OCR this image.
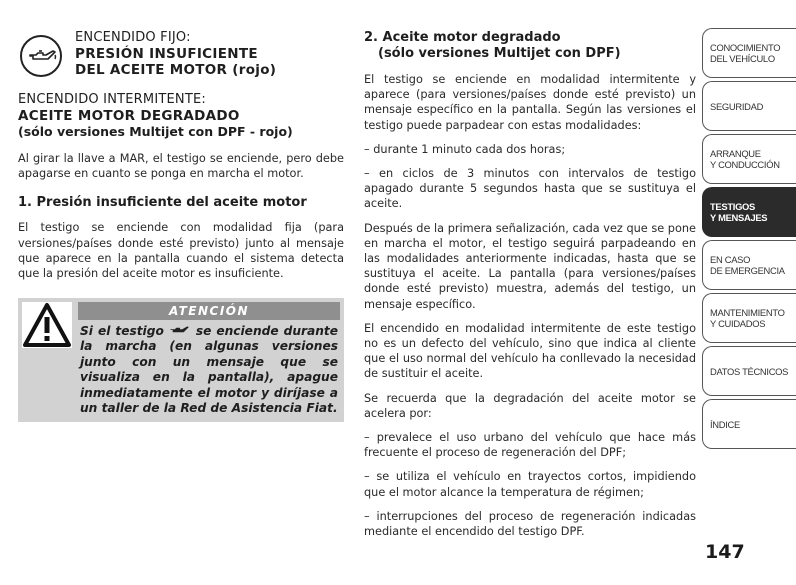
ENCENDIDO FIJO:
PRESIÓN INSUFICIENTE
DEL ACEITE MOTOR (rojo)
ENCENDIDO INTERMITENTE:
ACEITE MOTOR DEGRADADO
(sólo versiones Multijet con DPF - rojo)

Al girar la llave a MAR, el testigo se enciende, pero debe apagarse en cuanto se ponga en marcha el motor.

1. Presión insuficiente del aceite motor

El testigo se enciende con modalidad fija (para versiones/países donde esté previsto) junto al mensaje que aparece en la pantalla cuando el sistema detecta que la presión del aceite motor es insuficiente.

ATENCIÓN
Si el testigo	se enciende durante la marcha (en algunas versiones junto con un mensaje que se visualiza en la pantalla), apague inmediatamente el motor y diríjase a un taller de la Red de Asistencia Fiat.
2. Aceite motor degradado
(sólo versiones Multijet con DPF)

El testigo se enciende en modalidad intermitente y aparece (para versiones/países donde esté previsto) un mensaje específico en la pantalla. Según las versiones el testigo puede parpadear con estas modalidades:

– durante 1 minuto cada dos horas;

– en ciclos de 3 minutos con intervalos de testigo apagado durante 5 segundos hasta que se sustituya el aceite.

Después de la primera señalización, cada vez que se pone en marcha el motor, el testigo seguirá parpadeando en las modalidades anteriormente indicadas, hasta que se sustituya el aceite. La pantalla (para versiones/países donde esté previsto) muestra, además del testigo, un mensaje específico.

El encendido en modalidad intermitente de este testigo no es un defecto del vehículo, sino que indica al cliente que el uso normal del vehículo ha conllevado la necesidad de sustituir el aceite.

Se recuerda que la degradación del aceite motor se acelera por:

– prevalece el uso urbano del vehículo que hace más frecuente el proceso de regeneración del DPF;

– se utiliza el vehículo en trayectos cortos, impidiendo que el motor alcance la temperatura de régimen;

– interrupciones del proceso de regeneración indicadas mediante el encendido del testigo DPF.

CONOCIMIENTO
DEL VEHÍCULO
SEGURIDAD
ARRANQUE
Y CONDUCCIÓN
TESTIGOS
Y MENSAJES
EN CASO
DE EMERGENCIA
MANTENIMIENTO
Y CUIDADOS
DATOS TÉCNICOS
ÍNDICE
147
